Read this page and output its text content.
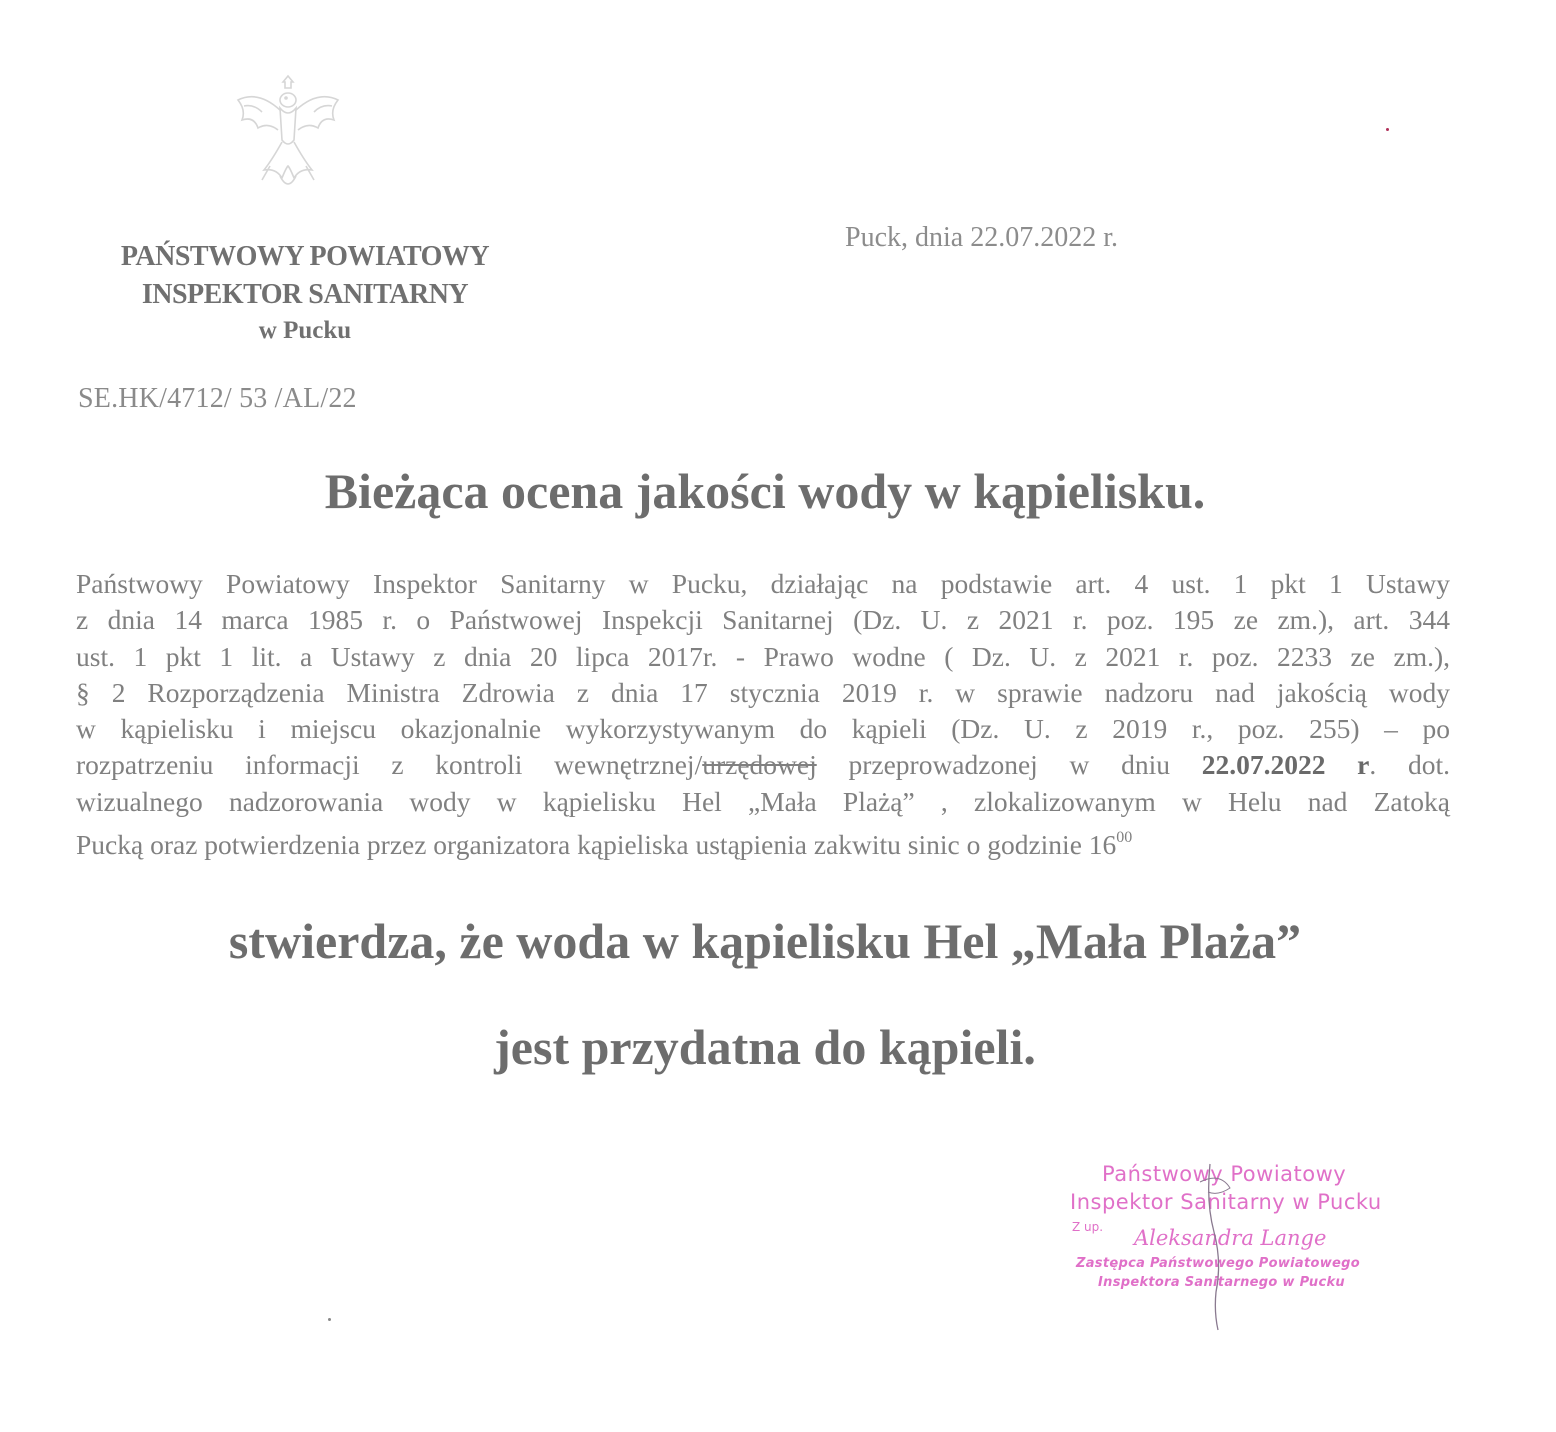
PAŃSTWOWY POWIATOWY
INSPEKTOR SANITARNY
w Pucku
Puck, dnia 22.07.2022 r.
SE.HK/4712/ 53 /AL/22
Bieżąca ocena jakości wody w kąpielisku.
Państwowy Powiatowy Inspektor Sanitarny w Pucku, działając na podstawie art. 4 ust. 1 pkt 1 Ustawy
z dnia 14 marca 1985 r. o Państwowej Inspekcji Sanitarnej (Dz. U. z 2021 r. poz. 195 ze zm.), art. 344
ust. 1 pkt 1 lit. a Ustawy z dnia 20 lipca 2017r. - Prawo wodne ( Dz. U. z 2021 r. poz. 2233 ze zm.),
§ 2 Rozporządzenia Ministra Zdrowia z dnia 17 stycznia 2019 r. w sprawie nadzoru nad jakością wody
w kąpielisku i miejscu okazjonalnie wykorzystywanym do kąpieli (Dz. U. z 2019 r., poz. 255) – po
rozpatrzeniu informacji z kontroli wewnętrznej/urzędowej przeprowadzonej w dniu 22.07.2022 r. dot.
wizualnego nadzorowania wody w kąpielisku Hel „Mała Plażą” , zlokalizowanym w Helu nad Zatoką
Pucką oraz potwierdzenia przez organizatora kąpieliska ustąpienia zakwitu sinic o godzinie $16^{00}$
stwierdza, że woda w kąpielisku Hel „Mała Plaża”
jest przydatna do kąpieli.
Państwowy Powiatowy
Inspektor Sanitarny w Pucku
Z up. Aleksandra Lange
Zastępca Państwowego Powiatowego
Inspektora Sanitarnego w Pucku
